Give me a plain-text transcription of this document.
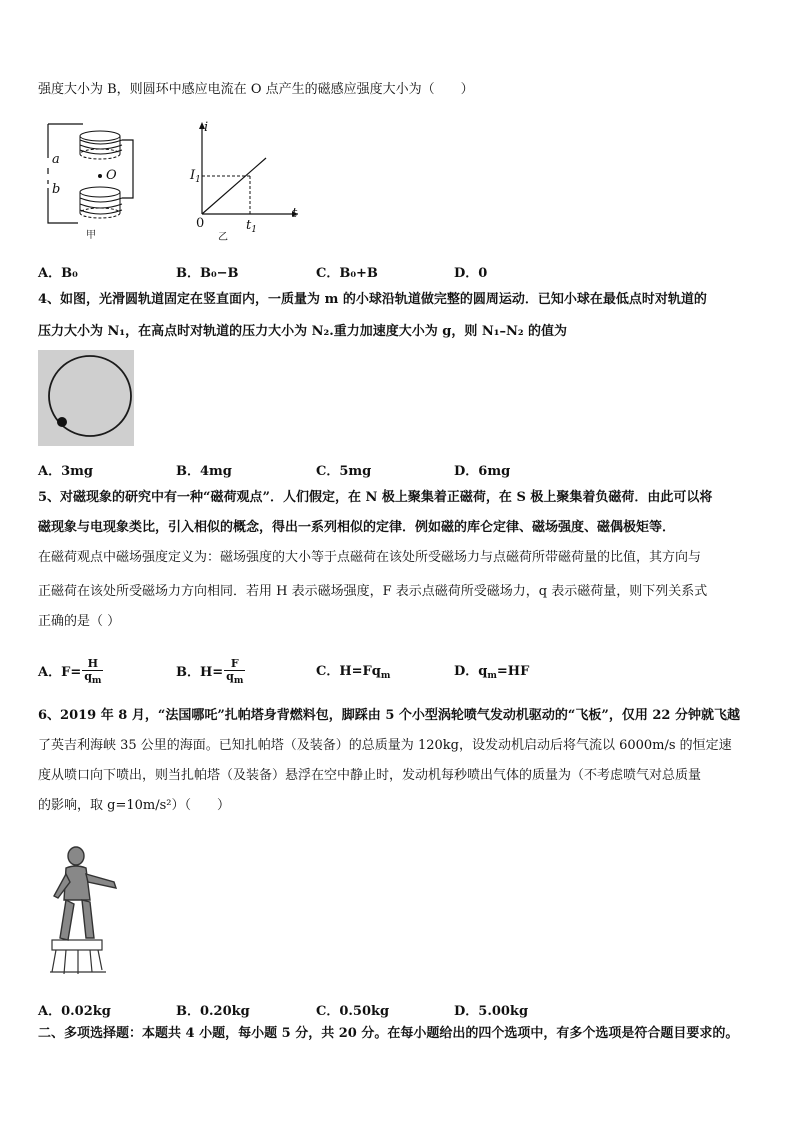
强度大小为 B，则圆环中感应电流在 O 点产生的磁感应强度大小为（　　）
a
b
O
甲
i
t
$I_1$
$t_1$
0
乙
A．B₀	B．B₀−B	C．B₀+B	D．0
4、如图，光滑圆轨道固定在竖直面内，一质量为 m 的小球沿轨道做完整的圆周运动．已知小球在最低点时对轨道的
压力大小为 N₁，在高点时对轨道的压力大小为 N₂.重力加速度大小为 g，则 N₁–N₂ 的值为
A．3mg	B．4mg	C．5mg	D．6mg
5、对磁现象的研究中有一种“磁荷观点”．人们假定，在 N 极上聚集着正磁荷，在 S 极上聚集着负磁荷．由此可以将
磁现象与电现象类比，引入相似的概念，得出一系列相似的定律．例如磁的库仑定律、磁场强度、磁偶极矩等．
在磁荷观点中磁场强度定义为：磁场强度的大小等于点磁荷在该处所受磁场力与点磁荷所带磁荷量的比值，其方向与
正磁荷在该处所受磁场力方向相同．若用 H 表示磁场强度，F 表示点磁荷所受磁场力，q 表示磁荷量，则下列关系式
正确的是（ ）
A．$F= \frac{H}{q_m}$	B．$H= \frac{F}{q_m}$	C．$H=Fq_m$	D．$q_m=HF$
6、2019 年 8 月，“法国哪吒”扎帕塔身背燃料包，脚踩由 5 个小型涡轮喷气发动机驱动的“飞板”，仅用 22 分钟就飞越
了英吉利海峡 35 公里的海面。已知扎帕塔（及装备）的总质量为 120kg，设发动机启动后将气流以 6000m/s 的恒定速
度从喷口向下喷出，则当扎帕塔（及装备）悬浮在空中静止时，发动机每秒喷出气体的质量为（不考虑喷气对总质量
的影响，取 g=10m/s²）（　　）
A．0.02kg	B．0.20kg	C．0.50kg	D．5.00kg
二、多项选择题：本题共 4 小题，每小题 5 分，共 20 分。在每小题给出的四个选项中，有多个选项是符合题目要求的。
